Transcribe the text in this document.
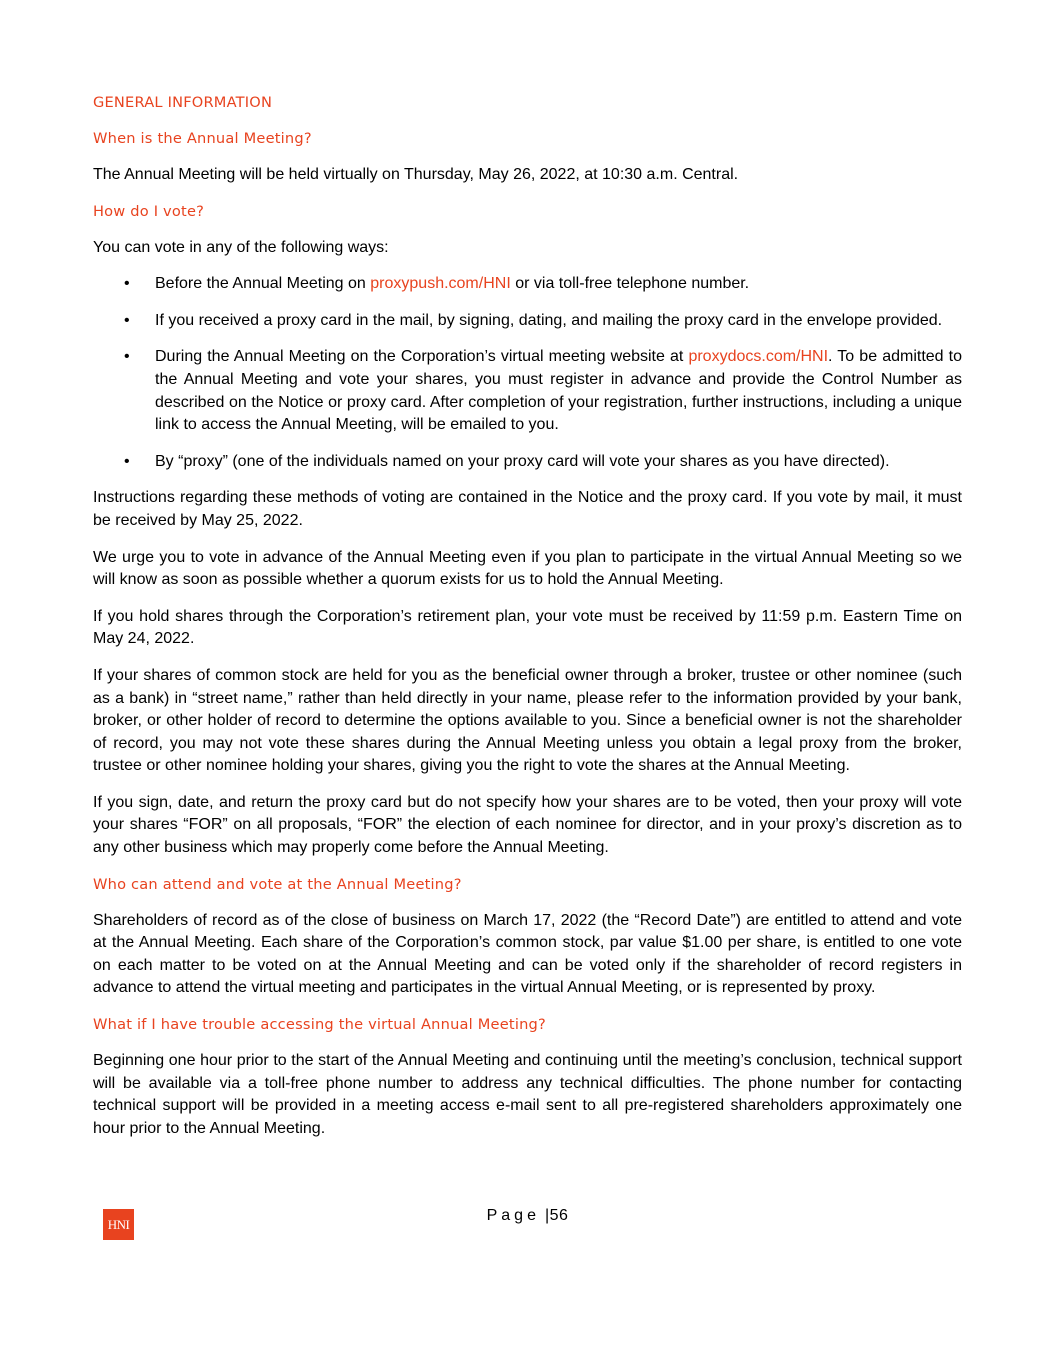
GENERAL INFORMATION
When is the Annual Meeting?

The Annual Meeting will be held virtually on Thursday, May 26, 2022, at 10:30 a.m. Central.

How do I vote?

You can vote in any of the following ways:

• Before the Annual Meeting on proxypush.com/HNI or via toll-free telephone number.
• If you received a proxy card in the mail, by signing, dating, and mailing the proxy card in the envelope provided.
• During the Annual Meeting on the Corporation’s virtual meeting website at proxydocs.com/HNI. To be admitted to the Annual Meeting and vote your shares, you must register in advance and provide the Control Number as described on the Notice or proxy card. After completion of your registration, further instructions, including a unique link to access the Annual Meeting, will be emailed to you.
• By “proxy” (one of the individuals named on your proxy card will vote your shares as you have directed).

Instructions regarding these methods of voting are contained in the Notice and the proxy card. If you vote by mail, it must be received by May 25, 2022.

We urge you to vote in advance of the Annual Meeting even if you plan to participate in the virtual Annual Meeting so we will know as soon as possible whether a quorum exists for us to hold the Annual Meeting.

If you hold shares through the Corporation’s retirement plan, your vote must be received by 11:59 p.m. Eastern Time on May 24, 2022.

If your shares of common stock are held for you as the beneficial owner through a broker, trustee or other nominee (such as a bank) in “street name,” rather than held directly in your name, please refer to the information provided by your bank, broker, or other holder of record to determine the options available to you. Since a beneficial owner is not the shareholder of record, you may not vote these shares during the Annual Meeting unless you obtain a legal proxy from the broker, trustee or other nominee holding your shares, giving you the right to vote the shares at the Annual Meeting.

If you sign, date, and return the proxy card but do not specify how your shares are to be voted, then your proxy will vote your shares “FOR” on all proposals, “FOR” the election of each nominee for director, and in your proxy’s discretion as to any other business which may properly come before the Annual Meeting.

Who can attend and vote at the Annual Meeting?

Shareholders of record as of the close of business on March 17, 2022 (the “Record Date”) are entitled to attend and vote at the Annual Meeting. Each share of the Corporation’s common stock, par value $1.00 per share, is entitled to one vote on each matter to be voted on at the Annual Meeting and can be voted only if the shareholder of record registers in advance to attend the virtual meeting and participates in the virtual Annual Meeting, or is represented by proxy.

What if I have trouble accessing the virtual Annual Meeting?

Beginning one hour prior to the start of the Annual Meeting and continuing until the meeting’s conclusion, technical support will be available via a toll-free phone number to address any technical difficulties. The phone number for contacting technical support will be provided in a meeting access e-mail sent to all pre-registered shareholders approximately one hour prior to the Annual Meeting.

HNI
Page |56
